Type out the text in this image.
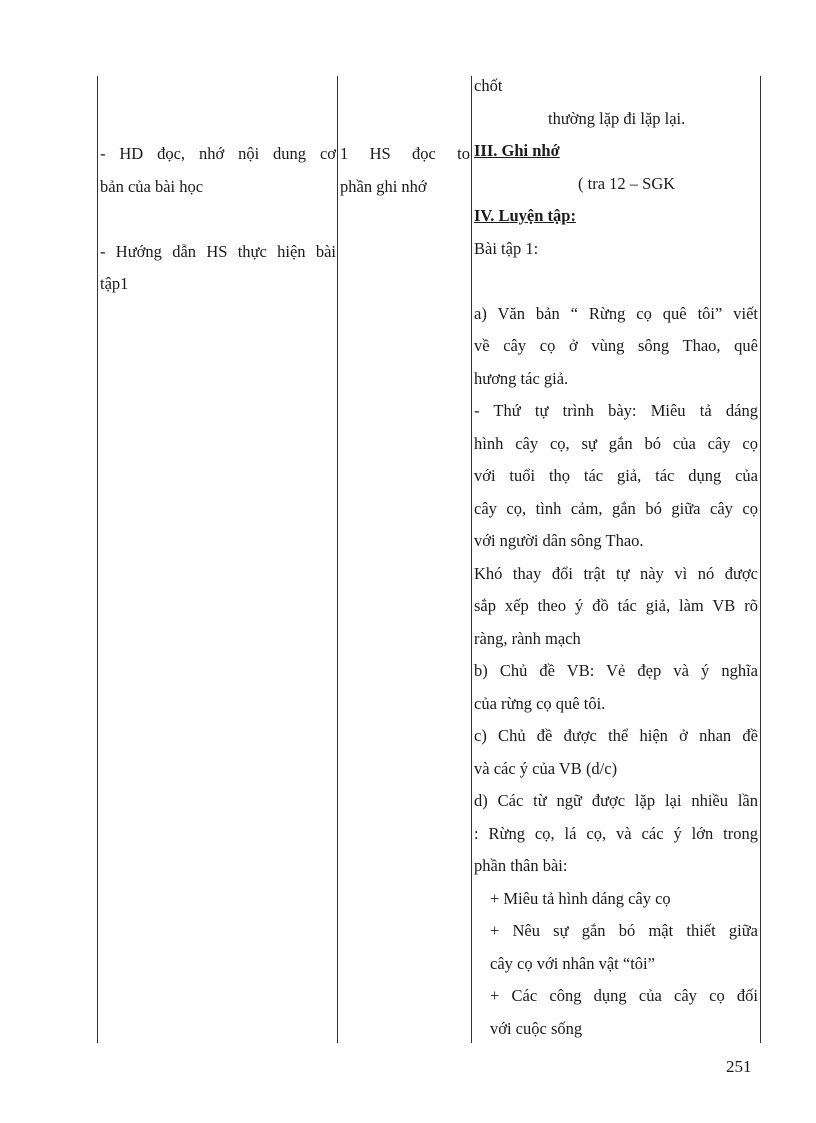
- HD đọc, nhớ nội dung cơ
bản của bài học
- Hướng dẫn HS thực hiện bài
tập1
1 HS đọc to
phần ghi nhớ
chốt
thường lặp đi lặp lại.
III. Ghi nhớ
( tra 12 – SGK
IV. Luyện tập:
Bài tập 1:
a) Văn bản “ Rừng cọ quê tôi” viết
về cây cọ ở vùng sông Thao, quê
hương tác giả.
- Thứ tự trình bày: Miêu tả dáng
hình cây cọ, sự gắn bó của cây cọ
với tuổi thọ tác giả, tác dụng của
cây cọ, tình cảm, gắn bó giữa cây cọ
với người dân sông Thao.
Khó thay đổi trật tự này vì nó được
sắp xếp theo ý đồ tác giả, làm VB rõ
ràng, rành mạch
b) Chủ đề VB: Vẻ đẹp và ý nghĩa
của rừng cọ quê tôi.
c) Chủ đề được thể hiện ở nhan đề
và các ý của VB (d/c)
d) Các từ ngữ được lặp lại nhiều lần
: Rừng cọ, lá cọ, và các ý lớn trong
phần thân bài:
+ Miêu tả hình dáng cây cọ
+ Nêu sự gắn bó mật thiết giữa
cây cọ với nhân vật “tôi”
+ Các công dụng của cây cọ đối
với cuộc sống
251
